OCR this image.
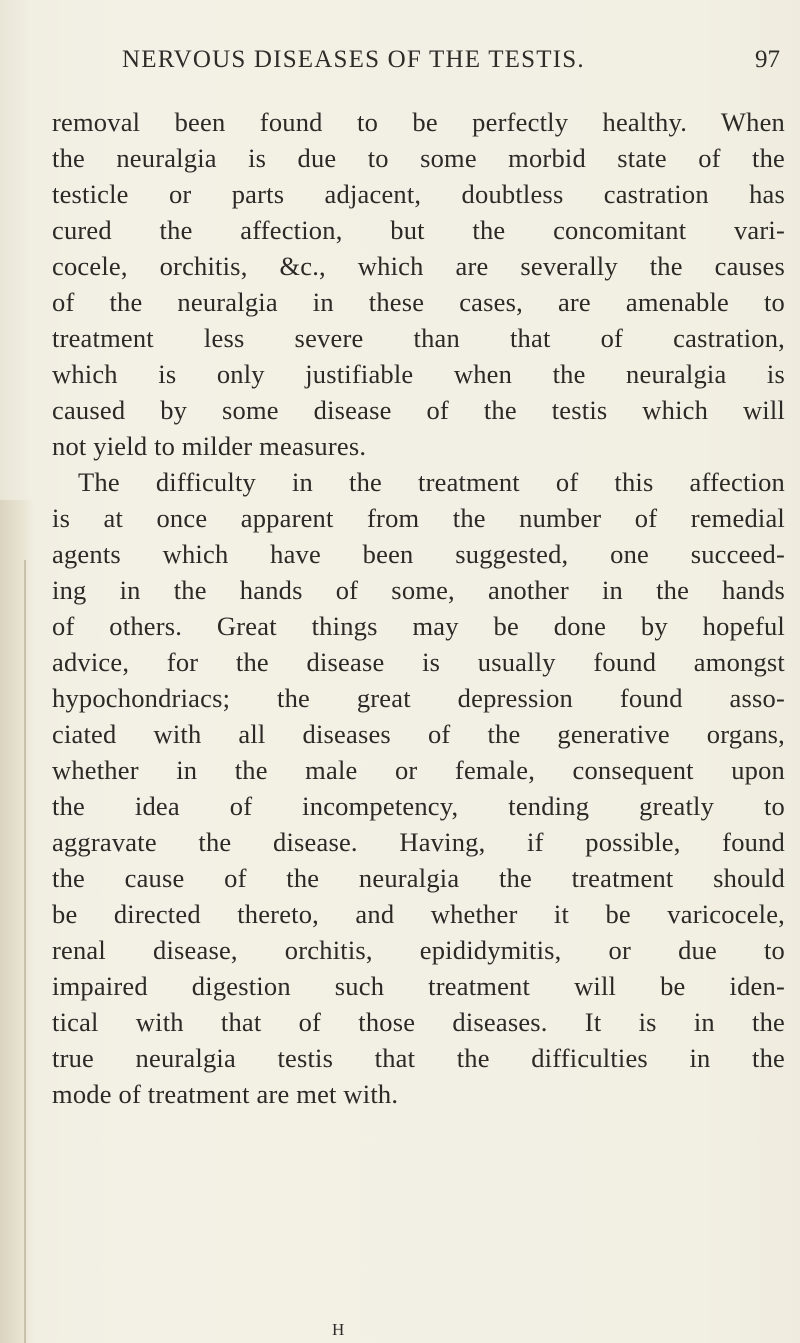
NERVOUS DISEASES OF THE TESTIS.	97
removal been found to be perfectly healthy. When
the neuralgia is due to some morbid state of the
testicle or parts adjacent, doubtless castration has
cured the affection, but the concomitant vari-
cocele, orchitis, &c., which are severally the causes
of the neuralgia in these cases, are amenable to
treatment less severe than that of castration,
which is only justifiable when the neuralgia is
caused by some disease of the testis which will
not yield to milder measures.
The difficulty in the treatment of this affection
is at once apparent from the number of remedial
agents which have been suggested, one succeed-
ing in the hands of some, another in the hands
of others. Great things may be done by hopeful
advice, for the disease is usually found amongst
hypochondriacs; the great depression found asso-
ciated with all diseases of the generative organs,
whether in the male or female, consequent upon
the idea of incompetency, tending greatly to
aggravate the disease. Having, if possible, found
the cause of the neuralgia the treatment should
be directed thereto, and whether it be varicocele,
renal disease, orchitis, epididymitis, or due to
impaired digestion such treatment will be iden-
tical with that of those diseases. It is in the
true neuralgia testis that the difficulties in the
mode of treatment are met with.
H
